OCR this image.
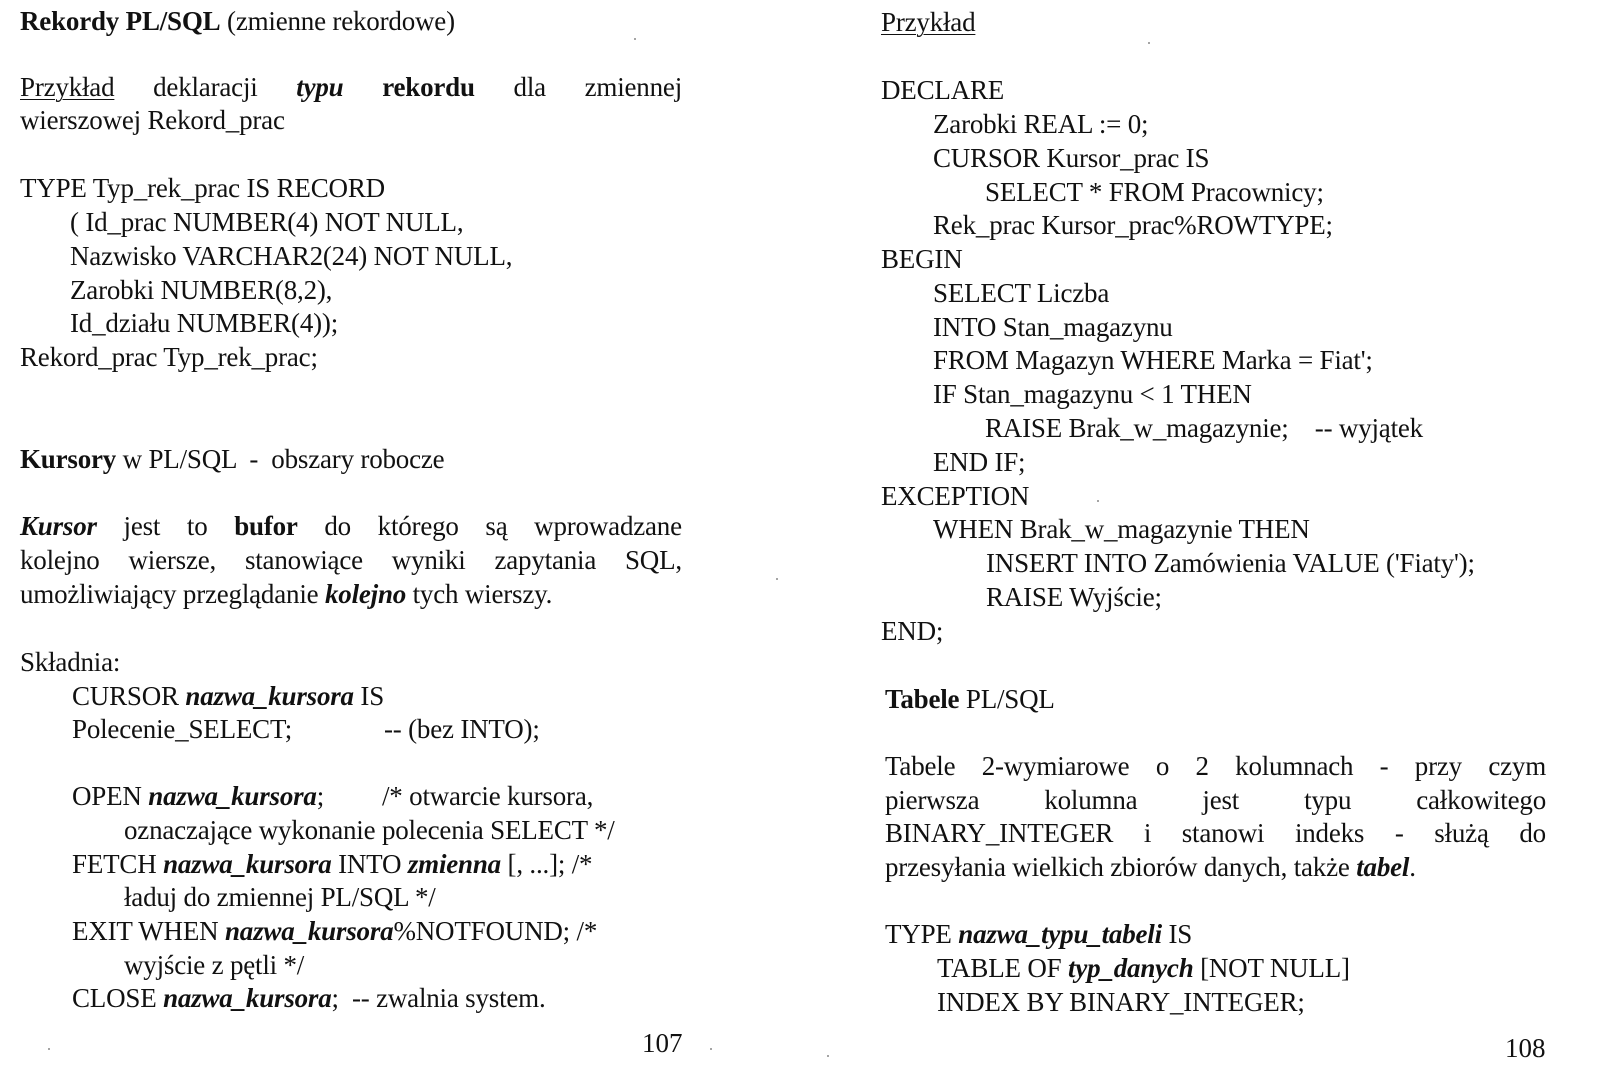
Rekordy PL/SQL (zmienne rekordowe)
Przykład deklaracji typu rekordu dla zmiennej
wierszowej Rekord_prac
TYPE Typ_rek_prac IS RECORD
( Id_prac NUMBER(4) NOT NULL,
Nazwisko VARCHAR2(24) NOT NULL,
Zarobki NUMBER(8,2),
Id_działu NUMBER(4));
Rekord_prac Typ_rek_prac;
Kursory w PL/SQL  -  obszary robocze
Kursor jest to bufor do którego są wprowadzane
kolejno wiersze, stanowiące wyniki zapytania SQL,
umożliwiający przeglądanie kolejno tych wierszy.
Składnia:
CURSOR nazwa_kursora IS
Polecenie_SELECT;	-- (bez INTO);
OPEN nazwa_kursora; /* otwarcie kursora,
oznaczające wykonanie polecenia SELECT */
FETCH nazwa_kursora INTO zmienna [, ...]; /*
ładuj do zmiennej PL/SQL */
EXIT WHEN nazwa_kursora%NOTFOUND; /*
wyjście z pętli */
CLOSE nazwa_kursora;  -- zwalnia system.
107
Przykład
DECLARE
Zarobki REAL := 0;
CURSOR Kursor_prac IS
SELECT * FROM Pracownicy;
Rek_prac Kursor_prac%ROWTYPE;
BEGIN
SELECT Liczba
INTO Stan_magazynu
FROM Magazyn WHERE Marka = Fiat';
IF Stan_magazynu < 1 THEN
RAISE Brak_w_magazynie;    -- wyjątek
END IF;
EXCEPTION
WHEN Brak_w_magazynie THEN
INSERT INTO Zamówienia VALUE ('Fiaty');
RAISE Wyjście;
END;
Tabele PL/SQL
Tabele 2-wymiarowe o 2 kolumnach - przy czym
pierwsza kolumna jest typu całkowitego
BINARY_INTEGER i stanowi indeks - służą do
przesyłania wielkich zbiorów danych, także tabel.
TYPE nazwa_typu_tabeli IS
TABLE OF typ_danych [NOT NULL]
INDEX BY BINARY_INTEGER;
108
